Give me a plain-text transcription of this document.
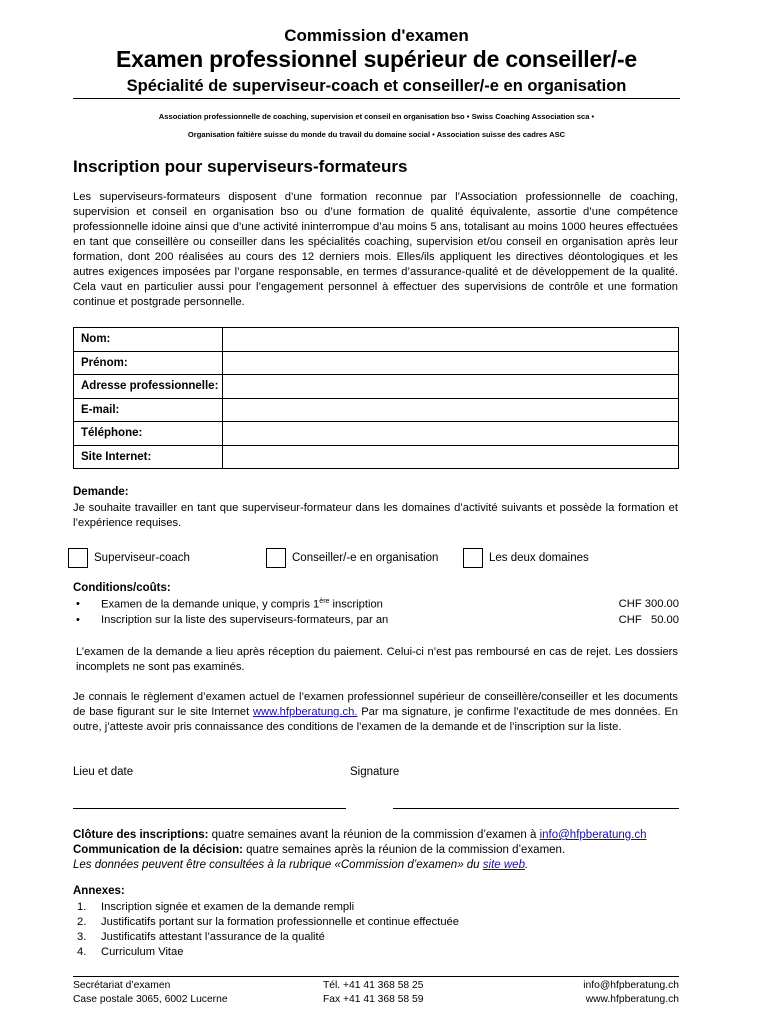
Commission d'examen
Examen professionnel supérieur de conseiller/-e
Spécialité de superviseur-coach et conseiller/-e en organisation
Association professionnelle de coaching, supervision et conseil en organisation bso • Swiss Coaching Association sca •
Organisation faîtière suisse du monde du travail du domaine social • Association suisse des cadres ASC
Inscription pour superviseurs-formateurs
Les superviseurs-formateurs disposent d’une formation reconnue par l’Association professionnelle de coaching, supervision et conseil en organisation bso ou d’une formation de qualité équivalente, assortie d’une compétence professionnelle idoine ainsi que d’une activité ininterrompue d’au moins 5 ans, totalisant au moins 1000 heures effectuées en tant que conseillère ou conseiller dans les spécialités coaching, supervision et/ou conseil en organisation après leur formation, dont 200 réalisées au cours des 12 derniers mois. Elles/ils appliquent les directives déontologiques et les autres exigences imposées par l’organe responsable, en termes d’assurance-qualité et de développement de la qualité. Cela vaut en particulier aussi pour l’engagement personnel à effectuer des supervisions de contrôle et une formation continue et postgrade personnelle.
Nom:	
Prénom:	
Adresse professionnelle:	
E-mail:	
Téléphone:	
Site Internet:	
Demande:
Je souhaite travailler en tant que superviseur-formateur dans les domaines d’activité suivants et possède la formation et l’expérience requises.
Superviseur-coach	Conseiller/-e en organisation	Les deux domaines
Conditions/coûts:
• Examen de la demande unique, y compris 1ère inscription	CHF 300.00
• Inscription sur la liste des superviseurs-formateurs, par an	CHF   50.00
L’examen de la demande a lieu après réception du paiement. Celui-ci n’est pas remboursé en cas de rejet. Les dossiers incomplets ne sont pas examinés.
Je connais le règlement d’examen actuel de l’examen professionnel supérieur de conseillère/conseiller et les documents de base figurant sur le site Internet www.hfpberatung.ch. Par ma signature, je confirme l’exactitude de mes données. En outre, j’atteste avoir pris connaissance des conditions de l’examen de la demande et de l’inscription sur la liste.
Lieu et date	Signature
Clôture des inscriptions: quatre semaines avant la réunion de la commission d’examen à info@hfpberatung.ch
Communication de la décision: quatre semaines après la réunion de la commission d’examen.
Les données peuvent être consultées à la rubrique «Commission d’examen» du site web.
Annexes:
1. Inscription signée et examen de la demande rempli
2. Justificatifs portant sur la formation professionnelle et continue effectuée
3. Justificatifs attestant l’assurance de la qualité
4. Curriculum Vitae
Secrétariat d’examen
Case postale 3065, 6002 Lucerne
Tél. +41 41 368 58 25
Fax +41 41 368 58 59
info@hfpberatung.ch
www.hfpberatung.ch
